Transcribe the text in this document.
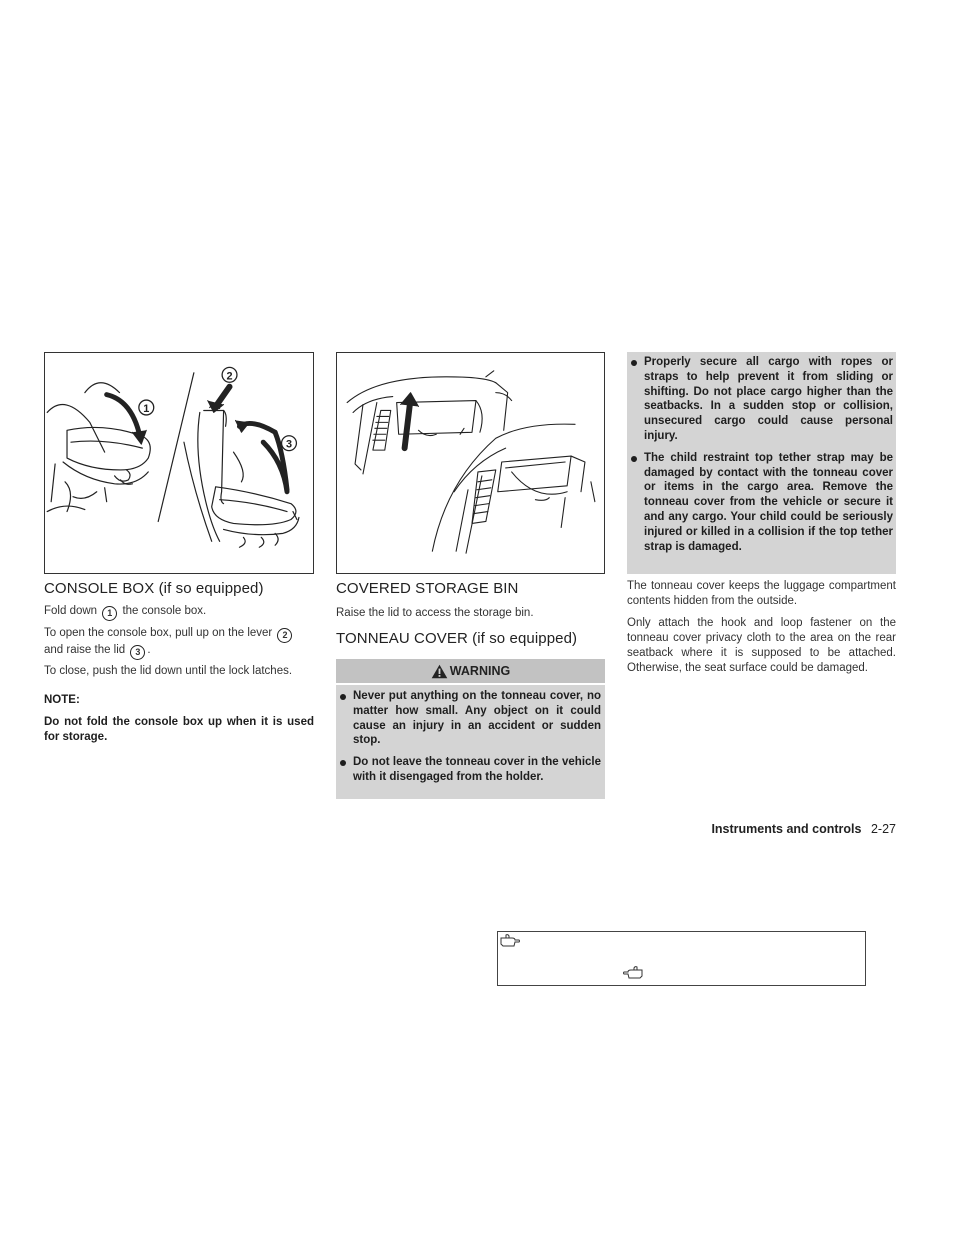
1
2
3
CONSOLE BOX (if so equipped)

Fold down 1 the console box.

To open the console box, pull up on the lever 2
and raise the lid 3 .

To close, push the lid down until the lock latches.

NOTE:

Do not fold the console box up when it is used for storage.

COVERED STORAGE BIN

Raise the lid to access the storage bin.

TONNEAU COVER (if so equipped)
WARNING
Never put anything on the tonneau cover, no matter how small. Any object on it could cause an injury in an accident or sudden stop.
Do not leave the tonneau cover in the vehicle with it disengaged from the holder.
Properly secure all cargo with ropes or straps to help prevent it from sliding or shifting. Do not place cargo higher than the seatbacks. In a sudden stop or collision, unsecured cargo could cause personal injury.
The child restraint top tether strap may be damaged by contact with the tonneau cover or items in the cargo area. Remove the tonneau cover from the vehicle or secure it and any cargo. Your child could be seriously injured or killed in a collision if the top tether strap is damaged.

The tonneau cover keeps the luggage compartment contents hidden from the outside.

Only attach the hook and loop fastener on the tonneau cover privacy cloth to the area on the rear seatback where it is supposed to be attached. Otherwise, the seat surface could be damaged.

Instruments and controls 2-27
